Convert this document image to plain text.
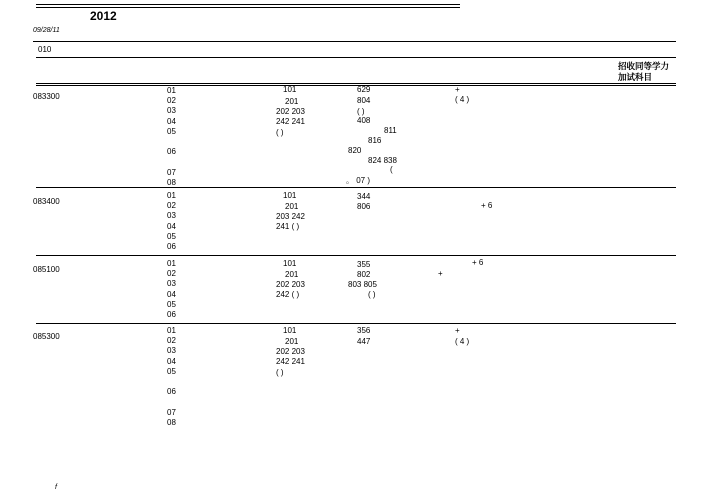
2012
09/28/11
010
招收同等学力
加试科目
083300
01
02
03
04
05
06
07
08
101
201
202 203
242 241
( )
629
804
( )
408
811
816
820
824 838
(
。 07 )
+
( 4 )
083400
01
02
03
04
05
06
101
201
203 242
241 ( )
344
806	+ 6
085100
01
02
03
04
05
06
101
201
202 203
242 ( )
355
802
803 805
( )
+ 6
+
085300
01
02
03
04
05
06
07
08
101
201
202 203
242 241
( )
356
447
+
( 4 )
f
